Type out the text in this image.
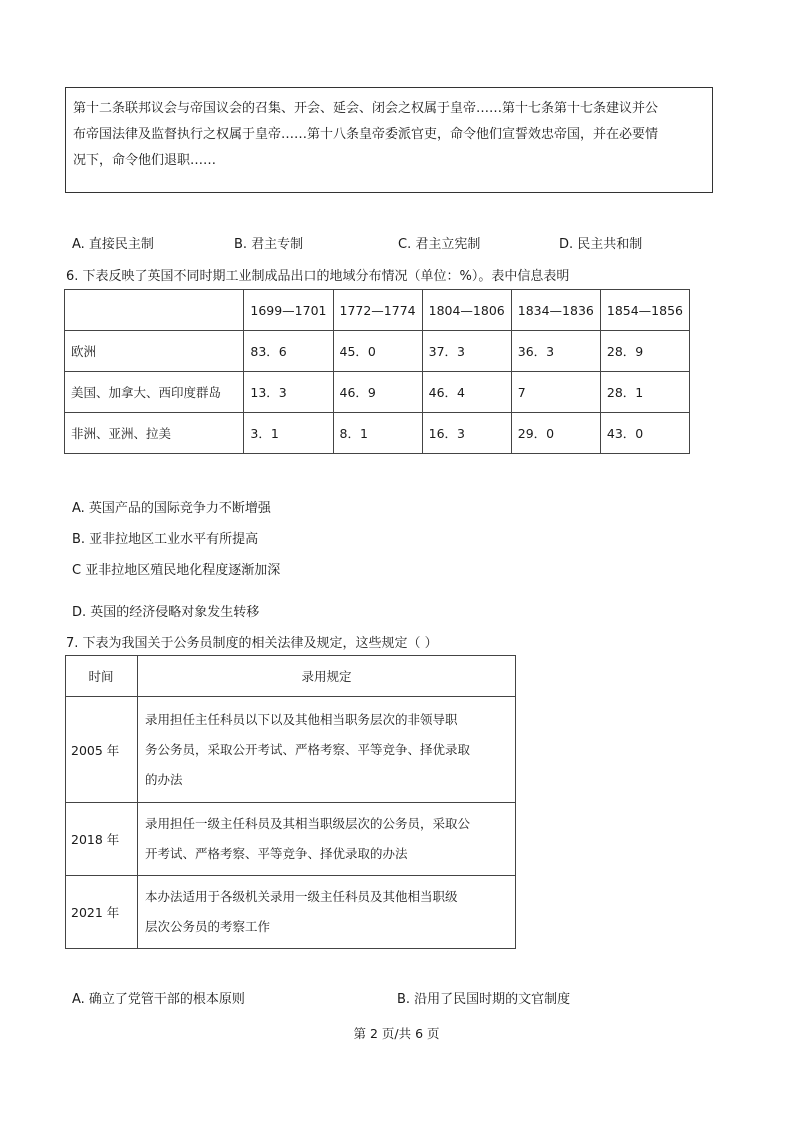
第十二条联邦议会与帝国议会的召集、开会、延会、闭会之权属于皇帝……第十七条第十七条建议并公

布帝国法律及监督执行之权属于皇帝……第十八条皇帝委派官吏，命令他们宣誓效忠帝国，并在必要情

况下，命令他们退职……

A. 直接民主制	B. 君主专制	C. 君主立宪制	D. 民主共和制
6. 下表反映了英国不同时期工业制成品出口的地域分布情况（单位：%）。表中信息表明
	1699—1701	1772—1774	1804—1806	1834—1836	1854—1856
欧洲	83．6	45．0	37．3	36．3	28．9
美国、加拿大、西印度群岛	13．3	46．9	46．4	7	28．1
非洲、亚洲、拉美	3．1	8．1	16．3	29．0	43．0
A. 英国产品的国际竞争力不断增强
B. 亚非拉地区工业水平有所提高
C 亚非拉地区殖民地化程度逐渐加深
D. 英国的经济侵略对象发生转移
7. 下表为我国关于公务员制度的相关法律及规定，这些规定（ ）
时间	录用规定
2005 年	录用担任主任科员以下以及其他相当职务层次的非领导职
务公务员，采取公开考试、严格考察、平等竞争、择优录取
的办法

2018 年	录用担任一级主任科员及其相当职级层次的公务员，采取公
开考试、严格考察、平等竞争、择优录取的办法

2021 年	本办法适用于各级机关录用一级主任科员及其他相当职级
层次公务员的考察工作
A. 确立了党管干部的根本原则	B. 沿用了民国时期的文官制度
第 2 页/共 6 页
